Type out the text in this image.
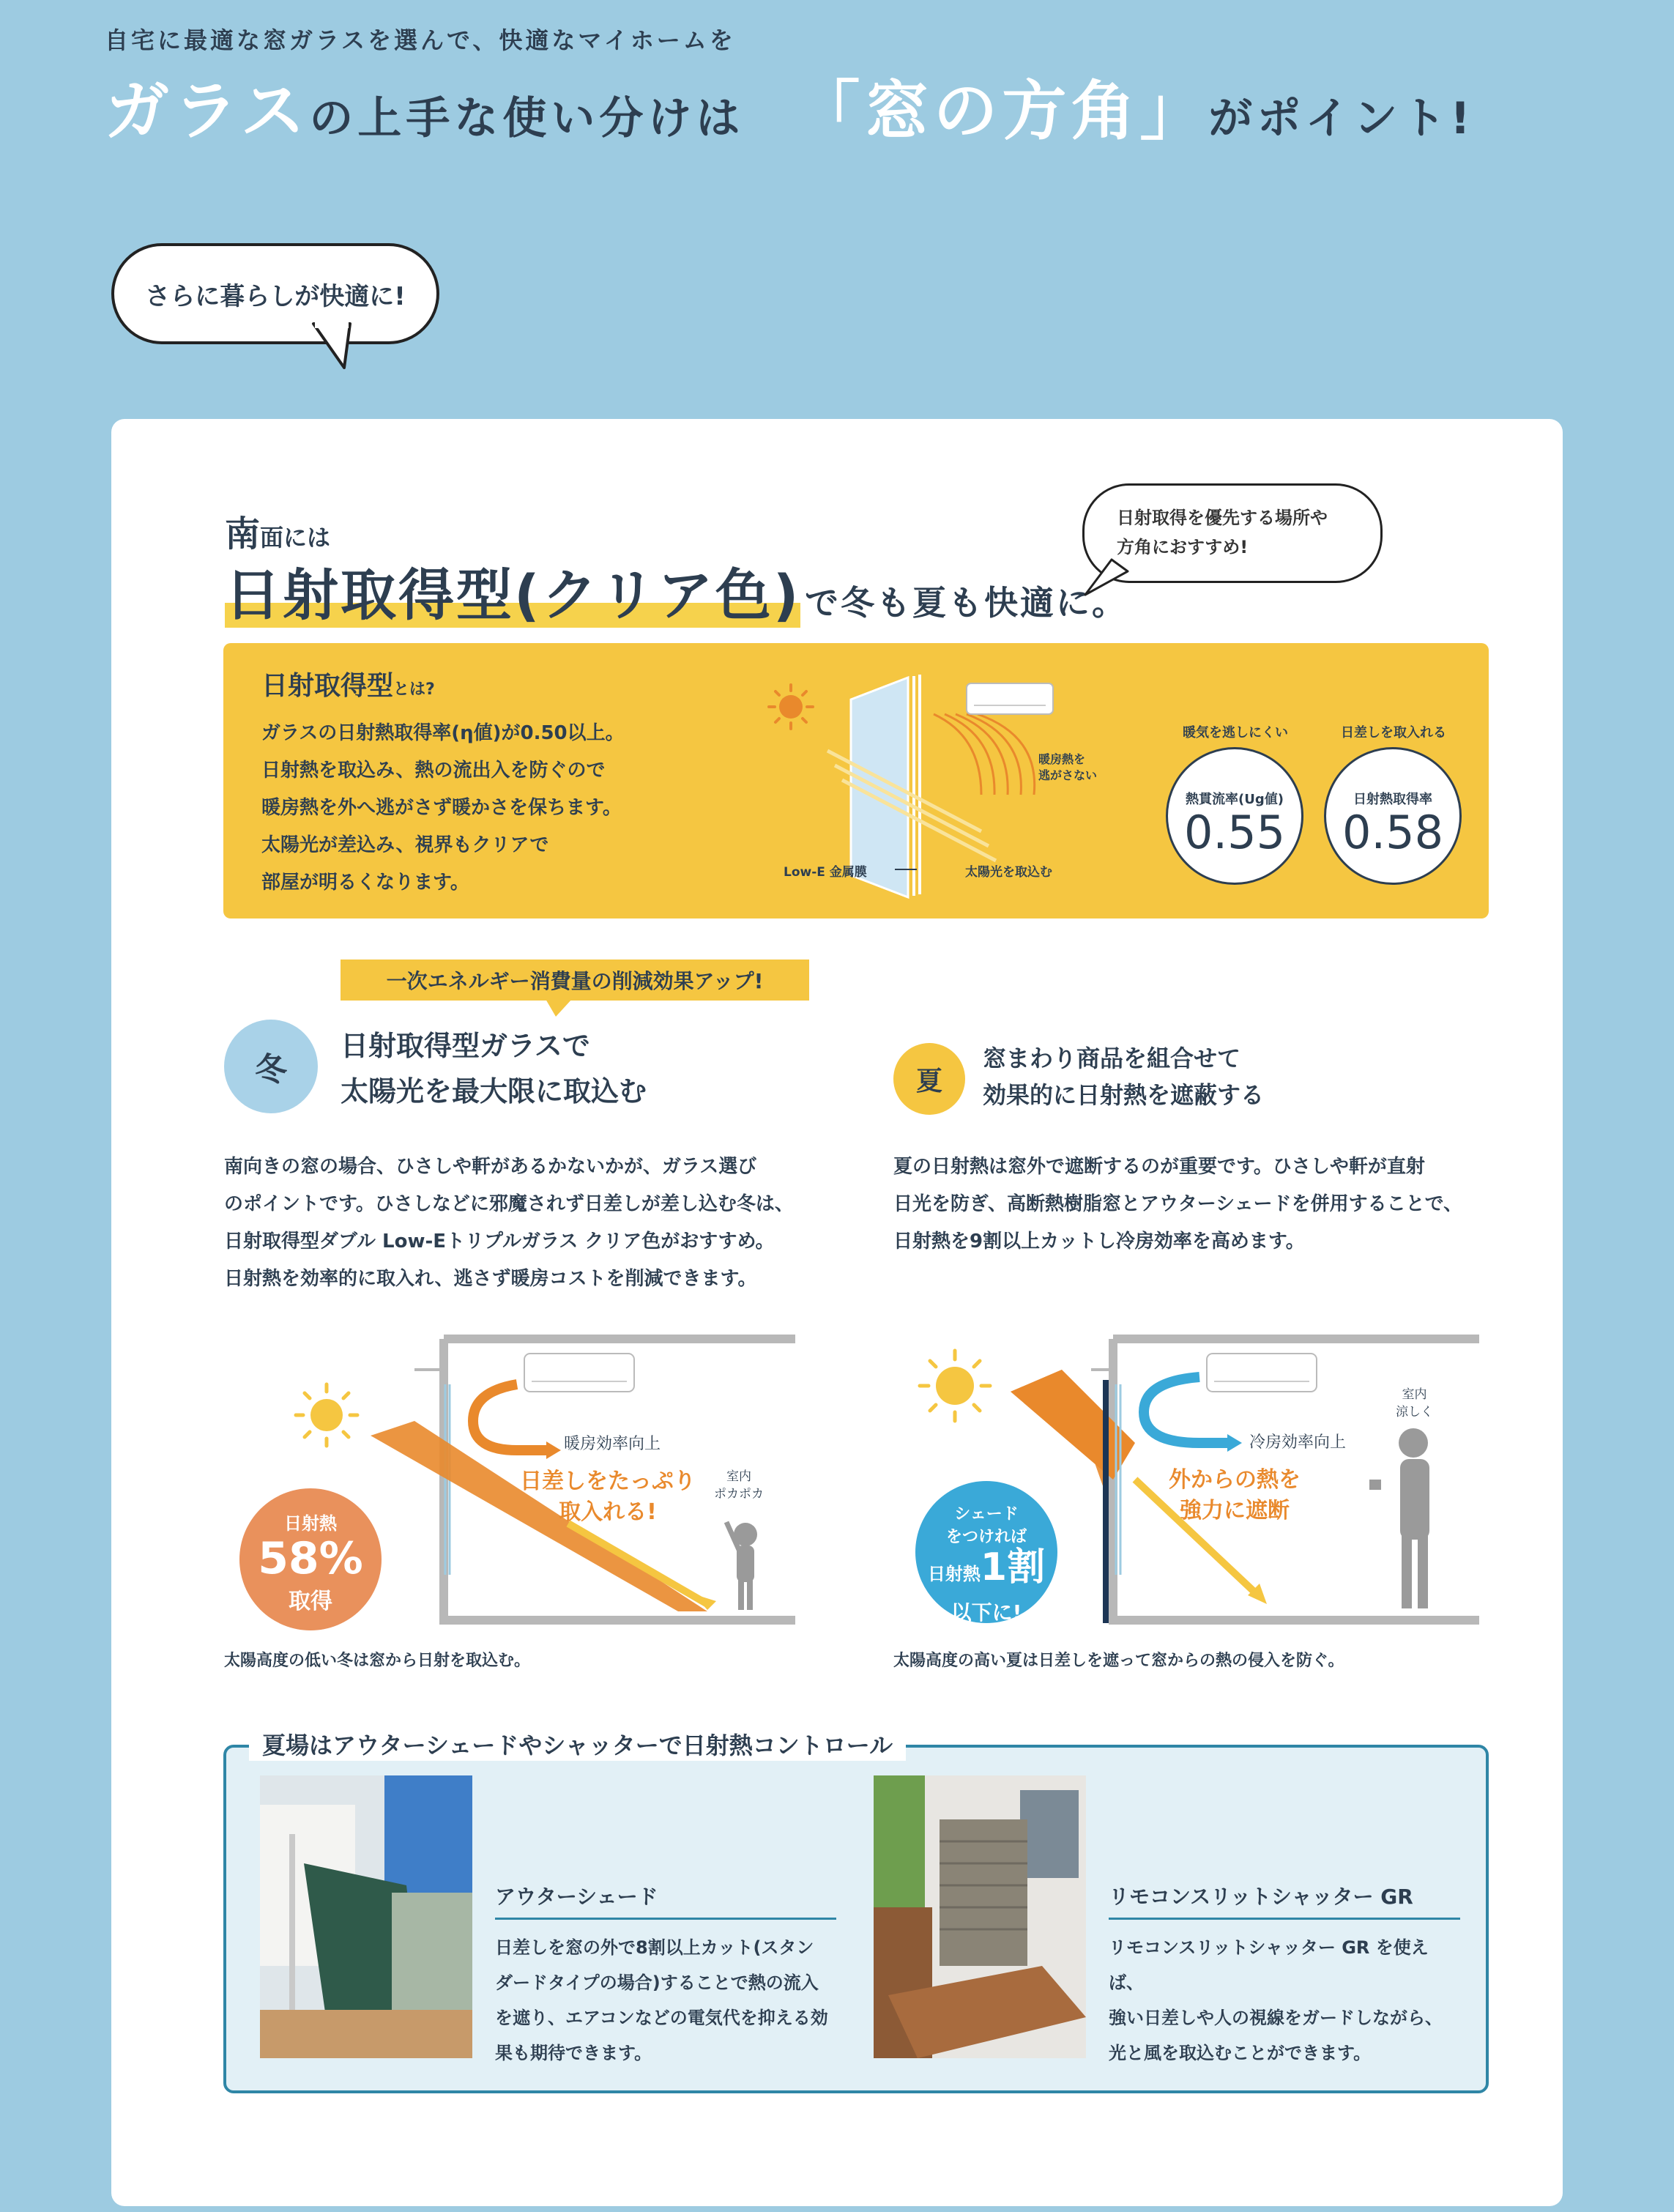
自宅に最適な窓ガラスを選んで、快適なマイホームを
ガラスの上手な使い分けは 「窓の方角」がポイント!
さらに暮らしが快適に!
南面には
日射取得型(クリア色) で冬も夏も快適に。
日射取得を優先する場所や
方角におすすめ!
日射取得型とは?
ガラスの日射熱取得率(η値)が0.50以上。
日射熱を取込み、熱の流出入を防ぐので
暖房熱を外へ逃がさず暖かさを保ちます。
太陽光が差込み、視界もクリアで
部屋が明るくなります。	Low-E 金属膜	太陽光を取込む
暖房熱を
逃がさない
暖気を逃しにくい
熱貫流率(Ug値)
0.55
日差しを取入れる
日射熱取得率
0.58
一次エネルギー消費量の削減効果アップ!
冬
日射取得型ガラスで
太陽光を最大限に取込む
南向きの窓の場合、ひさしや軒があるかないかが、ガラス選び
のポイントです。ひさしなどに邪魔されず日差しが差し込む冬は、
日射取得型ダブル Low-Eトリプルガラス クリア色がおすすめ。
日射熱を効率的に取入れ、逃さず暖房コストを削減できます。
暖房効率向上
日差しをたっぷり
取入れる!
室内
ポカポカ
日射熱
58%
取得
太陽高度の低い冬は窓から日射を取込む。
夏
窓まわり商品を組合せて
効果的に日射熱を遮蔽する
夏の日射熱は窓外で遮断するのが重要です。ひさしや軒が直射
日光を防ぎ、高断熱樹脂窓とアウターシェードを併用することで、
日射熱を9割以上カットし冷房効率を高めます。
冷房効率向上
外からの熱を
強力に遮断
室内
涼しく
シェード
をつければ
日射熱1割
以下に!
太陽高度の高い夏は日差しを遮って窓からの熱の侵入を防ぐ。
夏場はアウターシェードやシャッターで日射熱コントロール
アウターシェード
日差しを窓の外で8割以上カット(スタン
ダードタイプの場合)することで熱の流入
を遮り、エアコンなどの電気代を抑える効
果も期待できます。
リモコンスリットシャッター GR
リモコンスリットシャッター GR を使えば、
強い日差しや人の視線をガードしながら、
光と風を取込むことができます。
